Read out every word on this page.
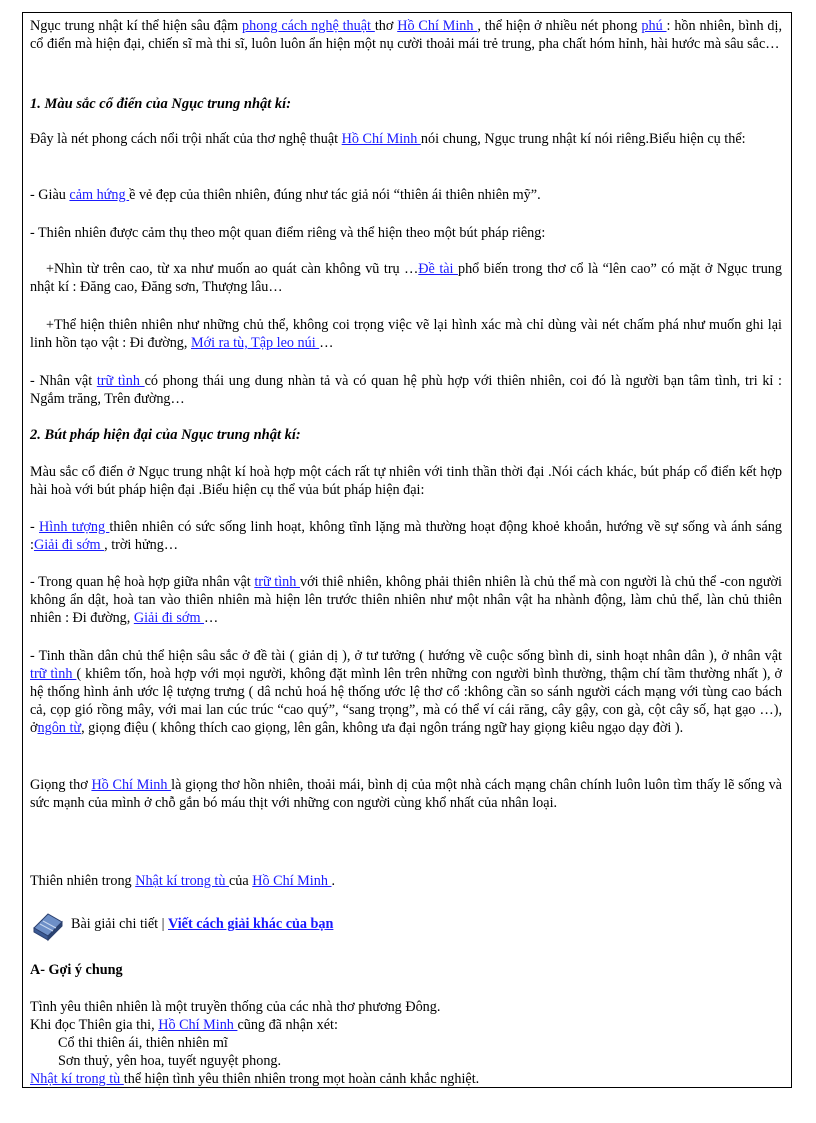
Ngục trung nhật kí thể hiện sâu đậm phong cách nghệ thuật thơ Hồ Chí Minh , thể hiện ở nhiều nét phong phú : hồn nhiên, bình dị, cổ điển mà hiện đại, chiến sĩ mà thi sĩ, luôn luôn ẩn hiện một nụ cười thoải mái trẻ trung, pha chất hóm hỉnh, hài hước mà sâu sắc…

1. Màu sắc cổ điển của Ngục trung nhật kí:

Đây là nét phong cách nổi trội nhất của thơ nghệ thuật Hồ Chí Minh nói chung, Ngục trung nhật kí nói riêng.Biểu hiện cụ thể:

- Giàu cảm hứng ề vẻ đẹp của thiên nhiên, đúng như tác giả nói “thiên ái thiên nhiên mỹ”.

- Thiên nhiên được cảm thụ theo một quan điểm riêng và thể hiện theo một bút pháp riêng:

+Nhìn từ trên cao, từ xa như muốn ao quát càn không vũ trụ …Đề tài phổ biến trong thơ cổ là “lên cao” có mặt ở Ngục trung nhật kí : Đăng cao, Đăng sơn, Thượng lâu…

+Thể hiện thiên nhiên như những chủ thể, không coi trọng việc vẽ lại hình xác mà chỉ dùng vài nét chấm phá như muốn ghi lại linh hồn tạo vật : Đi đường, Mới ra tù, Tập leo núi …

- Nhân vật trữ tình có phong thái ung dung nhàn tả và có quan hệ phù hợp với thiên nhiên, coi đó là người bạn tâm tình, tri kỉ : Ngắm trăng, Trên đường…

2. Bút pháp hiện đại của Ngục trung nhật kí:

Màu sắc cổ điển ở Ngục trung nhật kí hoà hợp một cách rất tự nhiên với tinh thần thời đại .Nói cách khác, bút pháp cổ điển kết hợp hài hoà với bút pháp hiện đại .Biểu hiện cụ thể vủa bút pháp hiện đại:

- Hình tượng thiên nhiên có sức sống linh hoạt, không tĩnh lặng mà thường hoạt động khoẻ khoắn, hướng về sự sống và ánh sáng :Giải đi sớm , trời hửng…

- Trong quan hệ hoà hợp giữa nhân vật trữ tình với thiê nhiên, không phải thiên nhiên là chủ thể mà con người là chủ thể -con người không ẩn dật, hoà tan vào thiên nhiên mà hiện lên trước thiên nhiên như một nhân vật ha nhành động, làm chủ thể, làn chủ thiên nhiên : Đi đường, Giải đi sớm …

- Tinh thần dân chủ thể hiện sâu sắc ở đề tài ( giản dị ), ở tư tưởng ( hướng về cuộc sống bình di, sinh hoạt nhân dân ), ở nhân vật trữ tình ( khiêm tốn, hoà hợp với mọi người, không đặt mình lên trên những con người bình thường, thậm chí tầm thường nhất ), ở hệ thống hình ảnh ước lệ tượng trưng ( dâ nchủ hoá hệ thống ước lệ thơ cổ :không cần so sánh người cách mạng với tùng cao bách cả, cọp gió rồng mây, với mai lan cúc trúc “cao quý”, “sang trọng”, mà có thể ví cái răng, cây gậy, con gà, cột cây số, hạt gạo …), ởngôn từ, giọng điệu ( không thích cao giọng, lên gân, không ưa đại ngôn tráng ngữ hay giọng kiêu ngạo dạy đời ).

Giọng thơ Hồ Chí Minh là giọng thơ hồn nhiên, thoải mái, bình dị của một nhà cách mạng chân chính luôn luôn tìm thấy lẽ sống và sức mạnh của mình ở chỗ gắn bó máu thịt với những con người cùng khổ nhất của nhân loại.

Thiên nhiên trong Nhật kí trong tù của Hồ Chí Minh .

Bài giải chi tiết | Viết cách giải khác của bạn

A- Gợi ý chung

Tình yêu thiên nhiên là một truyền thống của các nhà thơ phương Đông.

Khi đọc Thiên gia thi, Hồ Chí Minh cũng đã nhận xét:

Cổ thi thiên ái, thiên nhiên mĩ

Sơn thuỷ, yên hoa, tuyết nguyệt phong.

Nhật kí trong tù thể hiện tình yêu thiên nhiên trong mọt hoàn cảnh khắc nghiệt.
